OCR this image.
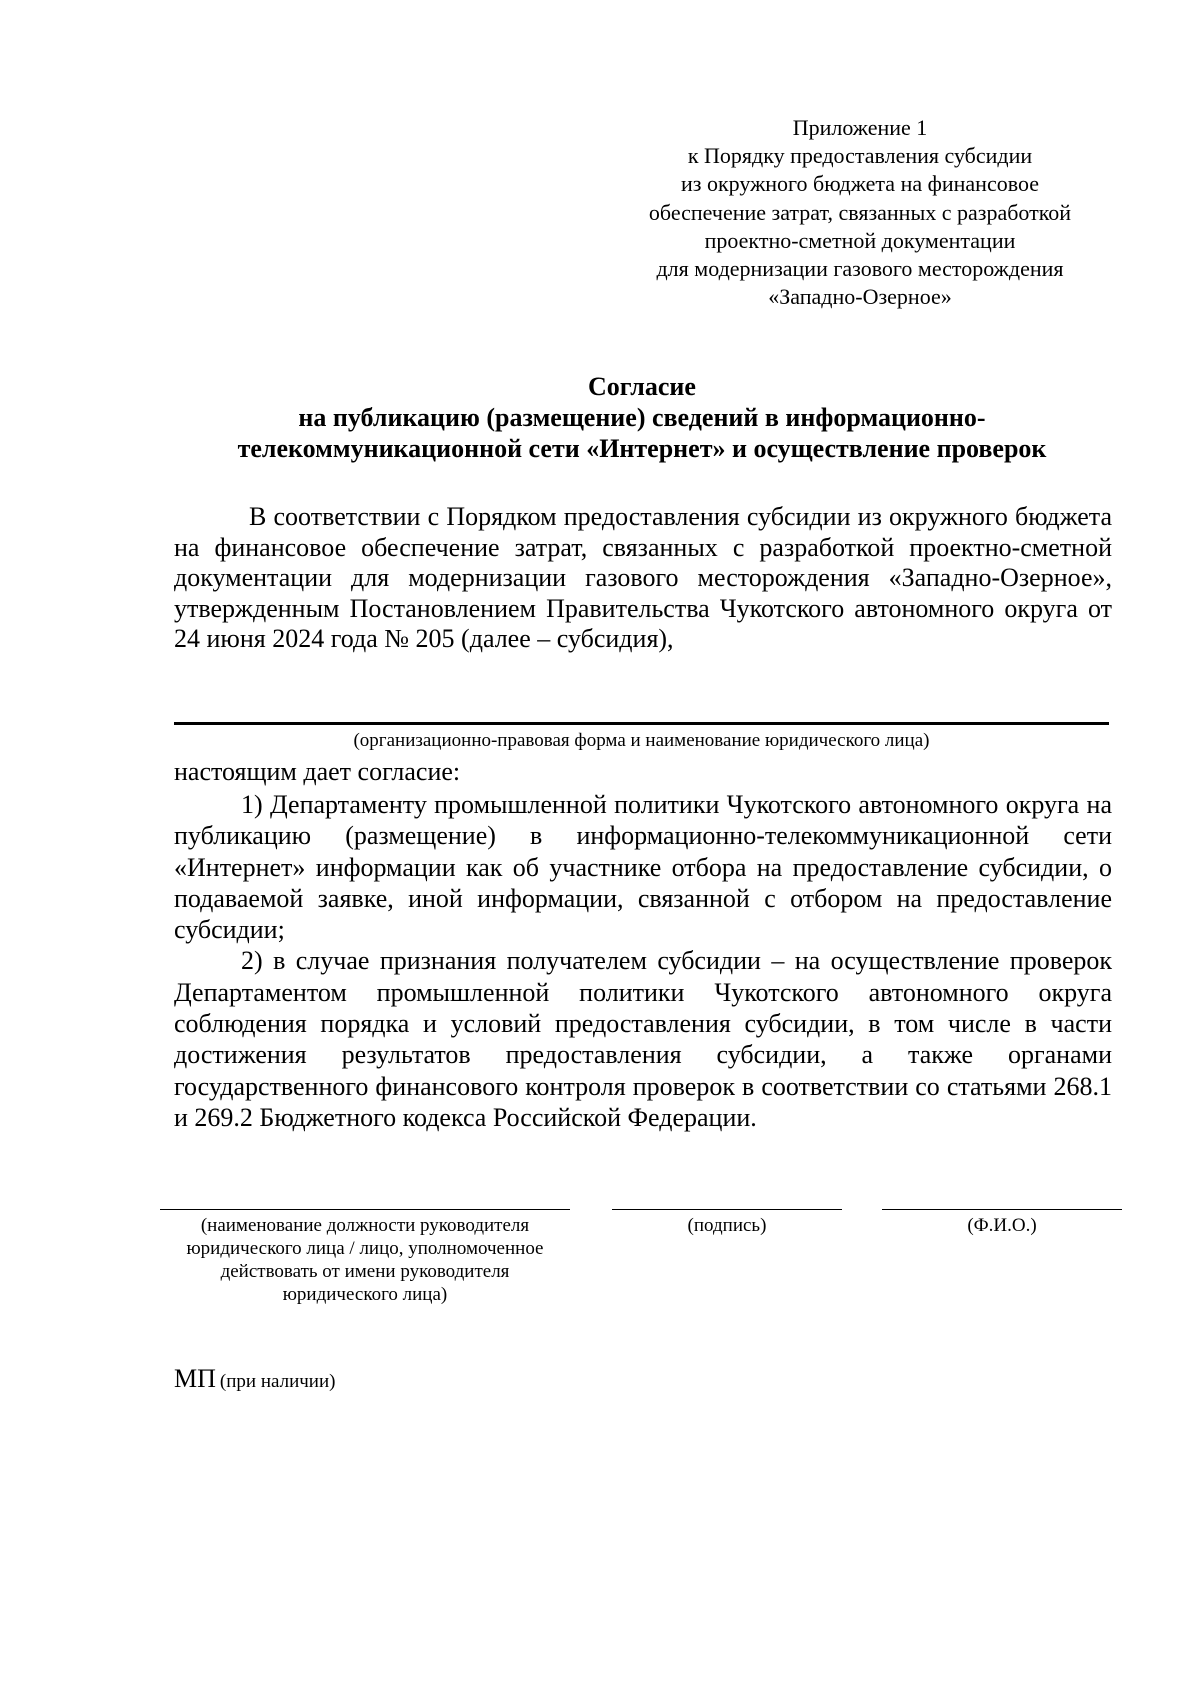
Приложение 1
к Порядку предоставления субсидии
из окружного бюджета на финансовое
обеспечение затрат, связанных с разработкой
проектно-сметной документации
для модернизации газового месторождения
«Западно-Озерное»
Согласие
на публикацию (размещение) сведений в информационно-
телекоммуникационной сети «Интернет» и осуществление проверок

В соответствии с Порядком предоставления субсидии из окружного бюджета на финансовое обеспечение затрат, связанных с разработкой проектно-сметной документации для модернизации газового месторождения «Западно-Озерное», утвержденным Постановлением Правительства Чукотского автономного округа от 24 июня 2024 года № 205 (далее – субсидия),

(организационно-правовая форма и наименование юридического лица)

настоящим дает согласие:

1) Департаменту промышленной политики Чукотского автономного округа на публикацию (размещение) в информационно-телекоммуникационной сети «Интернет» информации как об участнике отбора на предоставление субсидии, о подаваемой заявке, иной информации, связанной с отбором на предоставление субсидии;

2) в случае признания получателем субсидии – на осуществление проверок Департаментом промышленной политики Чукотского автономного округа соблюдения порядка и условий предоставления субсидии, в том числе в части достижения результатов предоставления субсидии, а также органами государственного финансового контроля проверок в соответствии со статьями 268.1 и 269.2 Бюджетного кодекса Российской Федерации.

(наименование должности руководителя
юридического лица / лицо, уполномоченное
действовать от имени руководителя
юридического лица)
(подпись)	(Ф.И.О.)
МП (при наличии)
